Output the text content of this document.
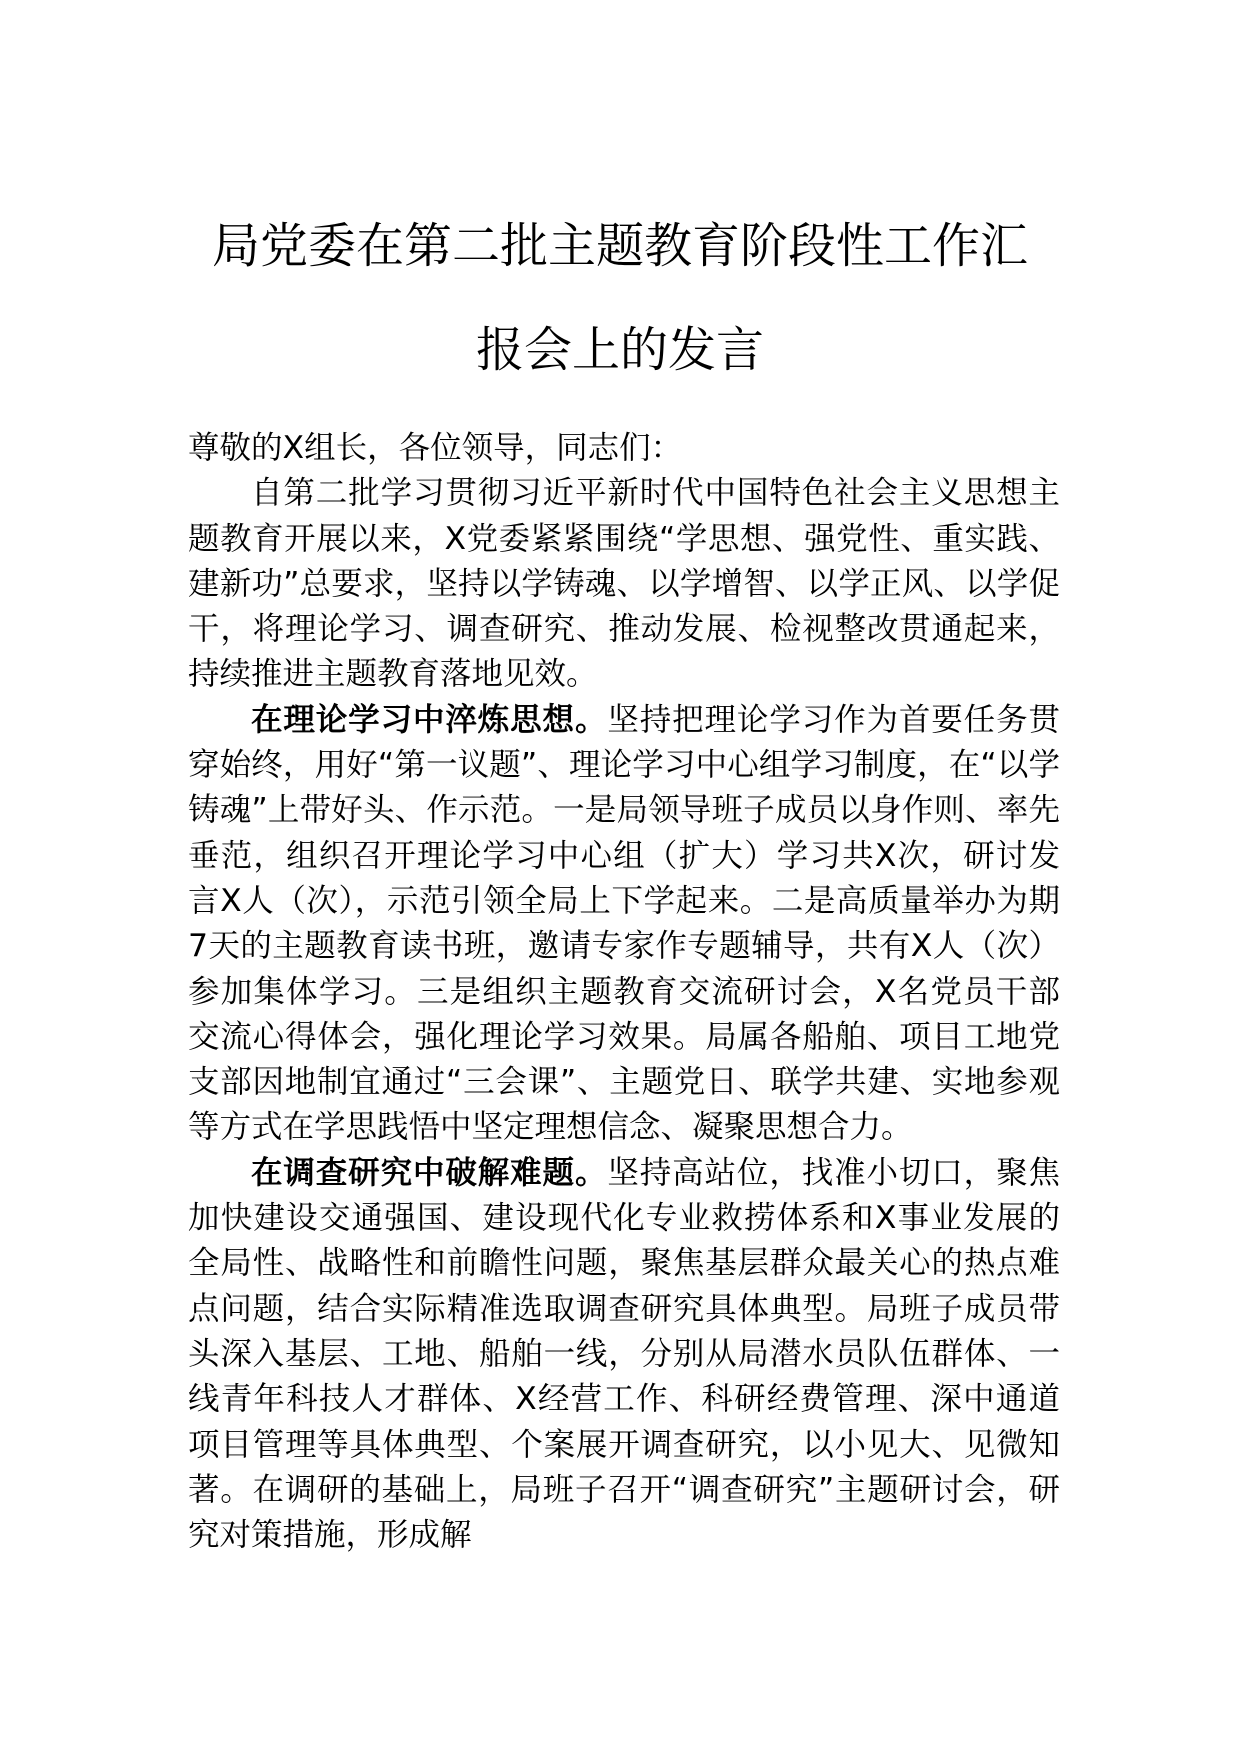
局党委在第二批主题教育阶段性工作汇报会上的发言

尊敬的X组长，各位领导，同志们：

自第二批学习贯彻习近平新时代中国特色社会主义思想主题教育开展以来，X党委紧紧围绕“学思想、强党性、重实践、建新功”总要求，坚持以学铸魂、以学增智、以学正风、以学促干，将理论学习、调查研究、推动发展、检视整改贯通起来，持续推进主题教育落地见效。

在理论学习中淬炼思想。坚持把理论学习作为首要任务贯穿始终，用好“第一议题”、理论学习中心组学习制度，在“以学铸魂”上带好头、作示范。一是局领导班子成员以身作则、率先垂范，组织召开理论学习中心组（扩大）学习共X次，研讨发言X人（次），示范引领全局上下学起来。二是高质量举办为期7天的主题教育读书班，邀请专家作专题辅导，共有X人（次）参加集体学习。三是组织主题教育交流研讨会，X名党员干部交流心得体会，强化理论学习效果。局属各船舶、项目工地党支部因地制宜通过“三会课”、主题党日、联学共建、实地参观等方式在学思践悟中坚定理想信念、凝聚思想合力。

在调查研究中破解难题。坚持高站位，找准小切口，聚焦加快建设交通强国、建设现代化专业救捞体系和X事业发展的全局性、战略性和前瞻性问题，聚焦基层群众最关心的热点难点问题，结合实际精准选取调查研究具体典型。局班子成员带头深入基层、工地、船舶一线，分别从局潜水员队伍群体、一线青年科技人才群体、X经营工作、科研经费管理、深中通道项目管理等具体典型、个案展开调查研究，以小见大、见微知著。在调研的基础上，局班子召开“调查研究”主题研讨会，研究对策措施，形成解
